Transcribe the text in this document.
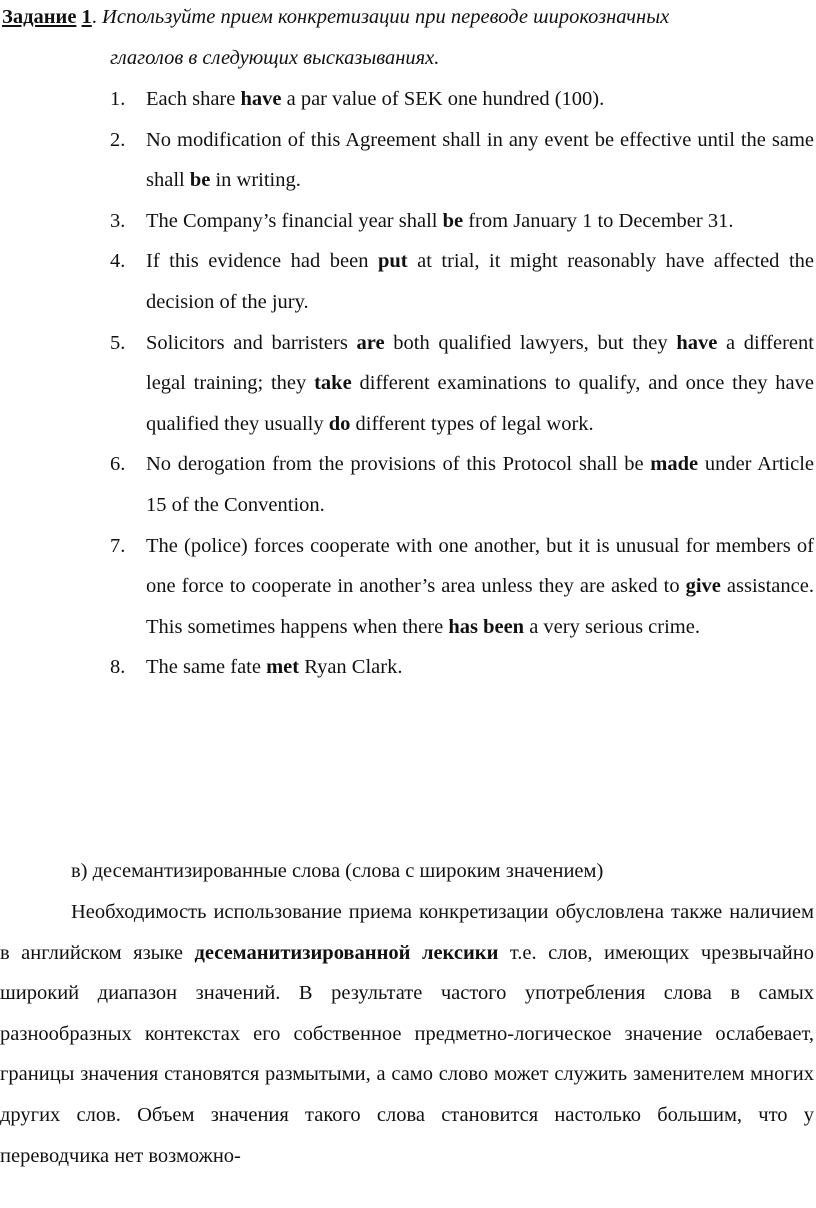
Задание 1. Используйте прием конкретизации при переводе широкозначных
глаголов в следующих высказываниях.
1. Each share have a par value of SEK one hundred (100).
2. No modification of this Agreement shall in any event be effective until the same shall be in writing.
3. The Company’s financial year shall be from January 1 to December 31.
4. If this evidence had been put at trial, it might reasonably have affected the decision of the jury.
5. Solicitors and barristers are both qualified lawyers, but they have a different legal training; they take different examinations to qualify, and once they have qualified they usually do different types of legal work.
6. No derogation from the provisions of this Protocol shall be made under Article 15 of the Convention.
7. The (police) forces cooperate with one another, but it is unusual for members of one force to cooperate in another’s area unless they are asked to give assistance. This sometimes happens when there has been a very serious crime.
8. The same fate met Ryan Clark.
в) десемантизированные слова (слова с широким значением)
Необходимость использование приема конкретизации обусловлена также наличием в английском языке десеманитизированной лексики т.е. слов, имеющих чрезвычайно широкий диапазон значений. В результате частого употребления слова в самых разнообразных контекстах его собственное предметно-логическое значение ослабевает, границы значения становятся размытыми, а само слово может служить заменителем многих других слов. Объем значения такого слова становится настолько большим, что у переводчика нет возможно-
